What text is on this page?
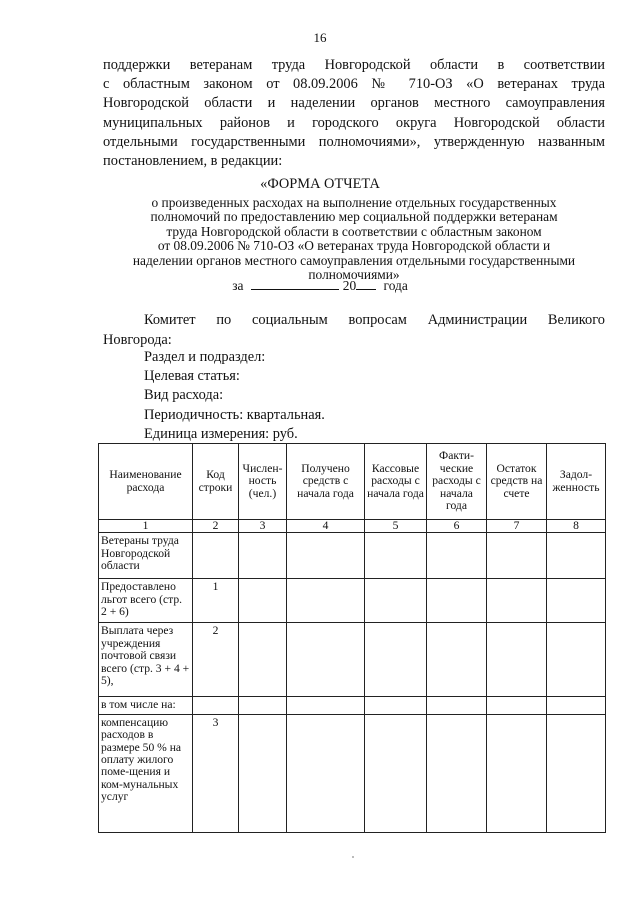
16
поддержки ветеранам труда Новгородской области в соответствии
с областным законом от 08.09.2006 № 710-ОЗ «О ветеранах труда
Новгородской области и наделении органов местного самоуправления
муниципальных районов и городского округа Новгородской области
отдельными государственными полномочиями», утвержденную названным
постановлением, в редакции:
«ФОРМА ОТЧЕТА
о произведенных расходах на выполнение отдельных государственных
полномочий по предоставлению мер социальной поддержки ветеранам
труда Новгородской области в соответствии с областным законом
от 08.09.2006 № 710-ОЗ «О ветеранах труда Новгородской области и
наделении органов местного самоуправления отдельными государственными
полномочиями»
за	20 года
Комитет по социальным вопросам Администрации Великого
Новгорода:
Раздел и подраздел:
Целевая статья:
Вид расхода:
Периодичность: квартальная.
Единица измерения: руб.
Наименование расхода	Код строки	Числен-ность (чел.)	Получено средств с начала года	Кассовые расходы с начала года	Факти-ческие расходы с начала года	Остаток средств на счете	Задол-женность
1	2	3	4	5	6	7	8
Ветераны труда Новгородской области							
Предоставлено льгот всего (стр. 2 + 6)	1						
Выплата через учреждения почтовой связи всего (стр. 3 + 4 + 5),	2						
в том числе на:							
компенсацию расходов в размере 50 % на оплату жилого поме-щения и ком-мунальных услуг	3						
